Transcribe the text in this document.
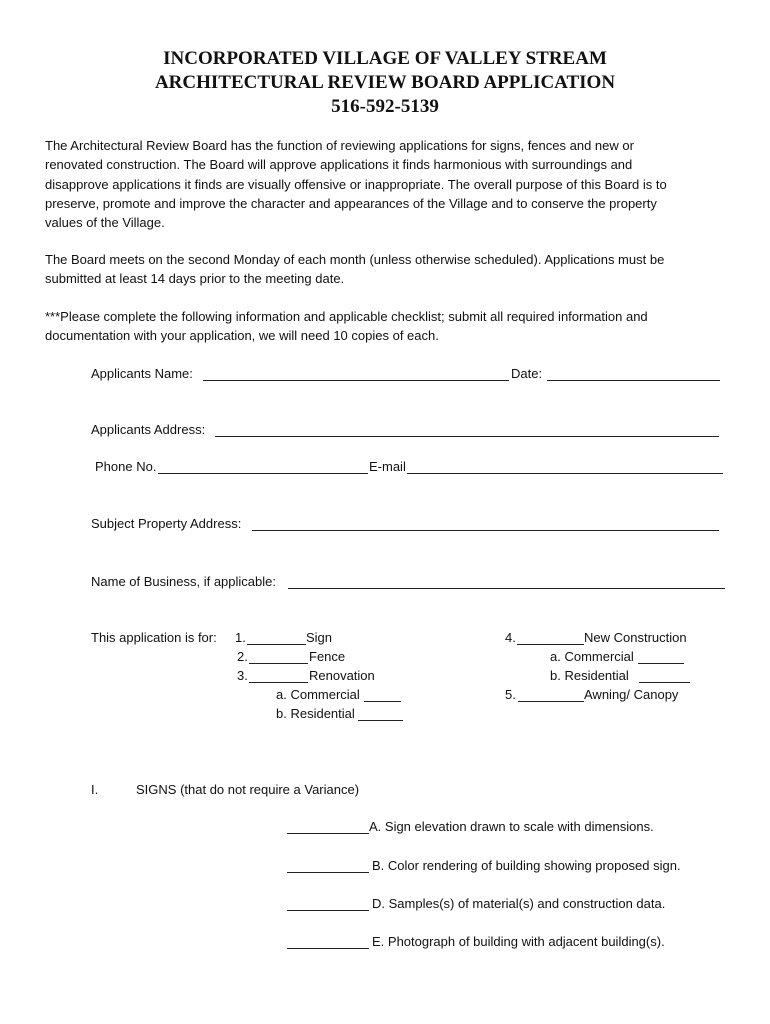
INCORPORATED VILLAGE OF VALLEY STREAM
ARCHITECTURAL REVIEW BOARD APPLICATION
516-592-5139
The Architectural Review Board has the function of reviewing applications for signs, fences and new or
renovated construction. The Board will approve applications it finds harmonious with surroundings and
disapprove applications it finds are visually offensive or inappropriate. The overall purpose of this Board is to
preserve, promote and improve the character and appearances of the Village and to conserve the property
values of the Village.
The Board meets on the second Monday of each month (unless otherwise scheduled). Applications must be
submitted at least 14 days prior to the meeting date.
***Please complete the following information and applicable checklist; submit all required information and
documentation with your application, we will need 10 copies of each.
Applicants Name:	Date:
Applicants Address:
Phone No.	E-mail
Subject Property Address:
Name of Business, if applicable:
This application is for: 1.	Sign
2.	Fence
3.	Renovation
a. Commercial
b. Residential
4.	New Construction
a. Commercial
b. Residential
5.	Awning/ Canopy
I.	SIGNS (that do not require a Variance)
A. Sign elevation drawn to scale with dimensions.
B. Color rendering of building showing proposed sign.
D. Samples(s) of material(s) and construction data.
E. Photograph of building with adjacent building(s).
